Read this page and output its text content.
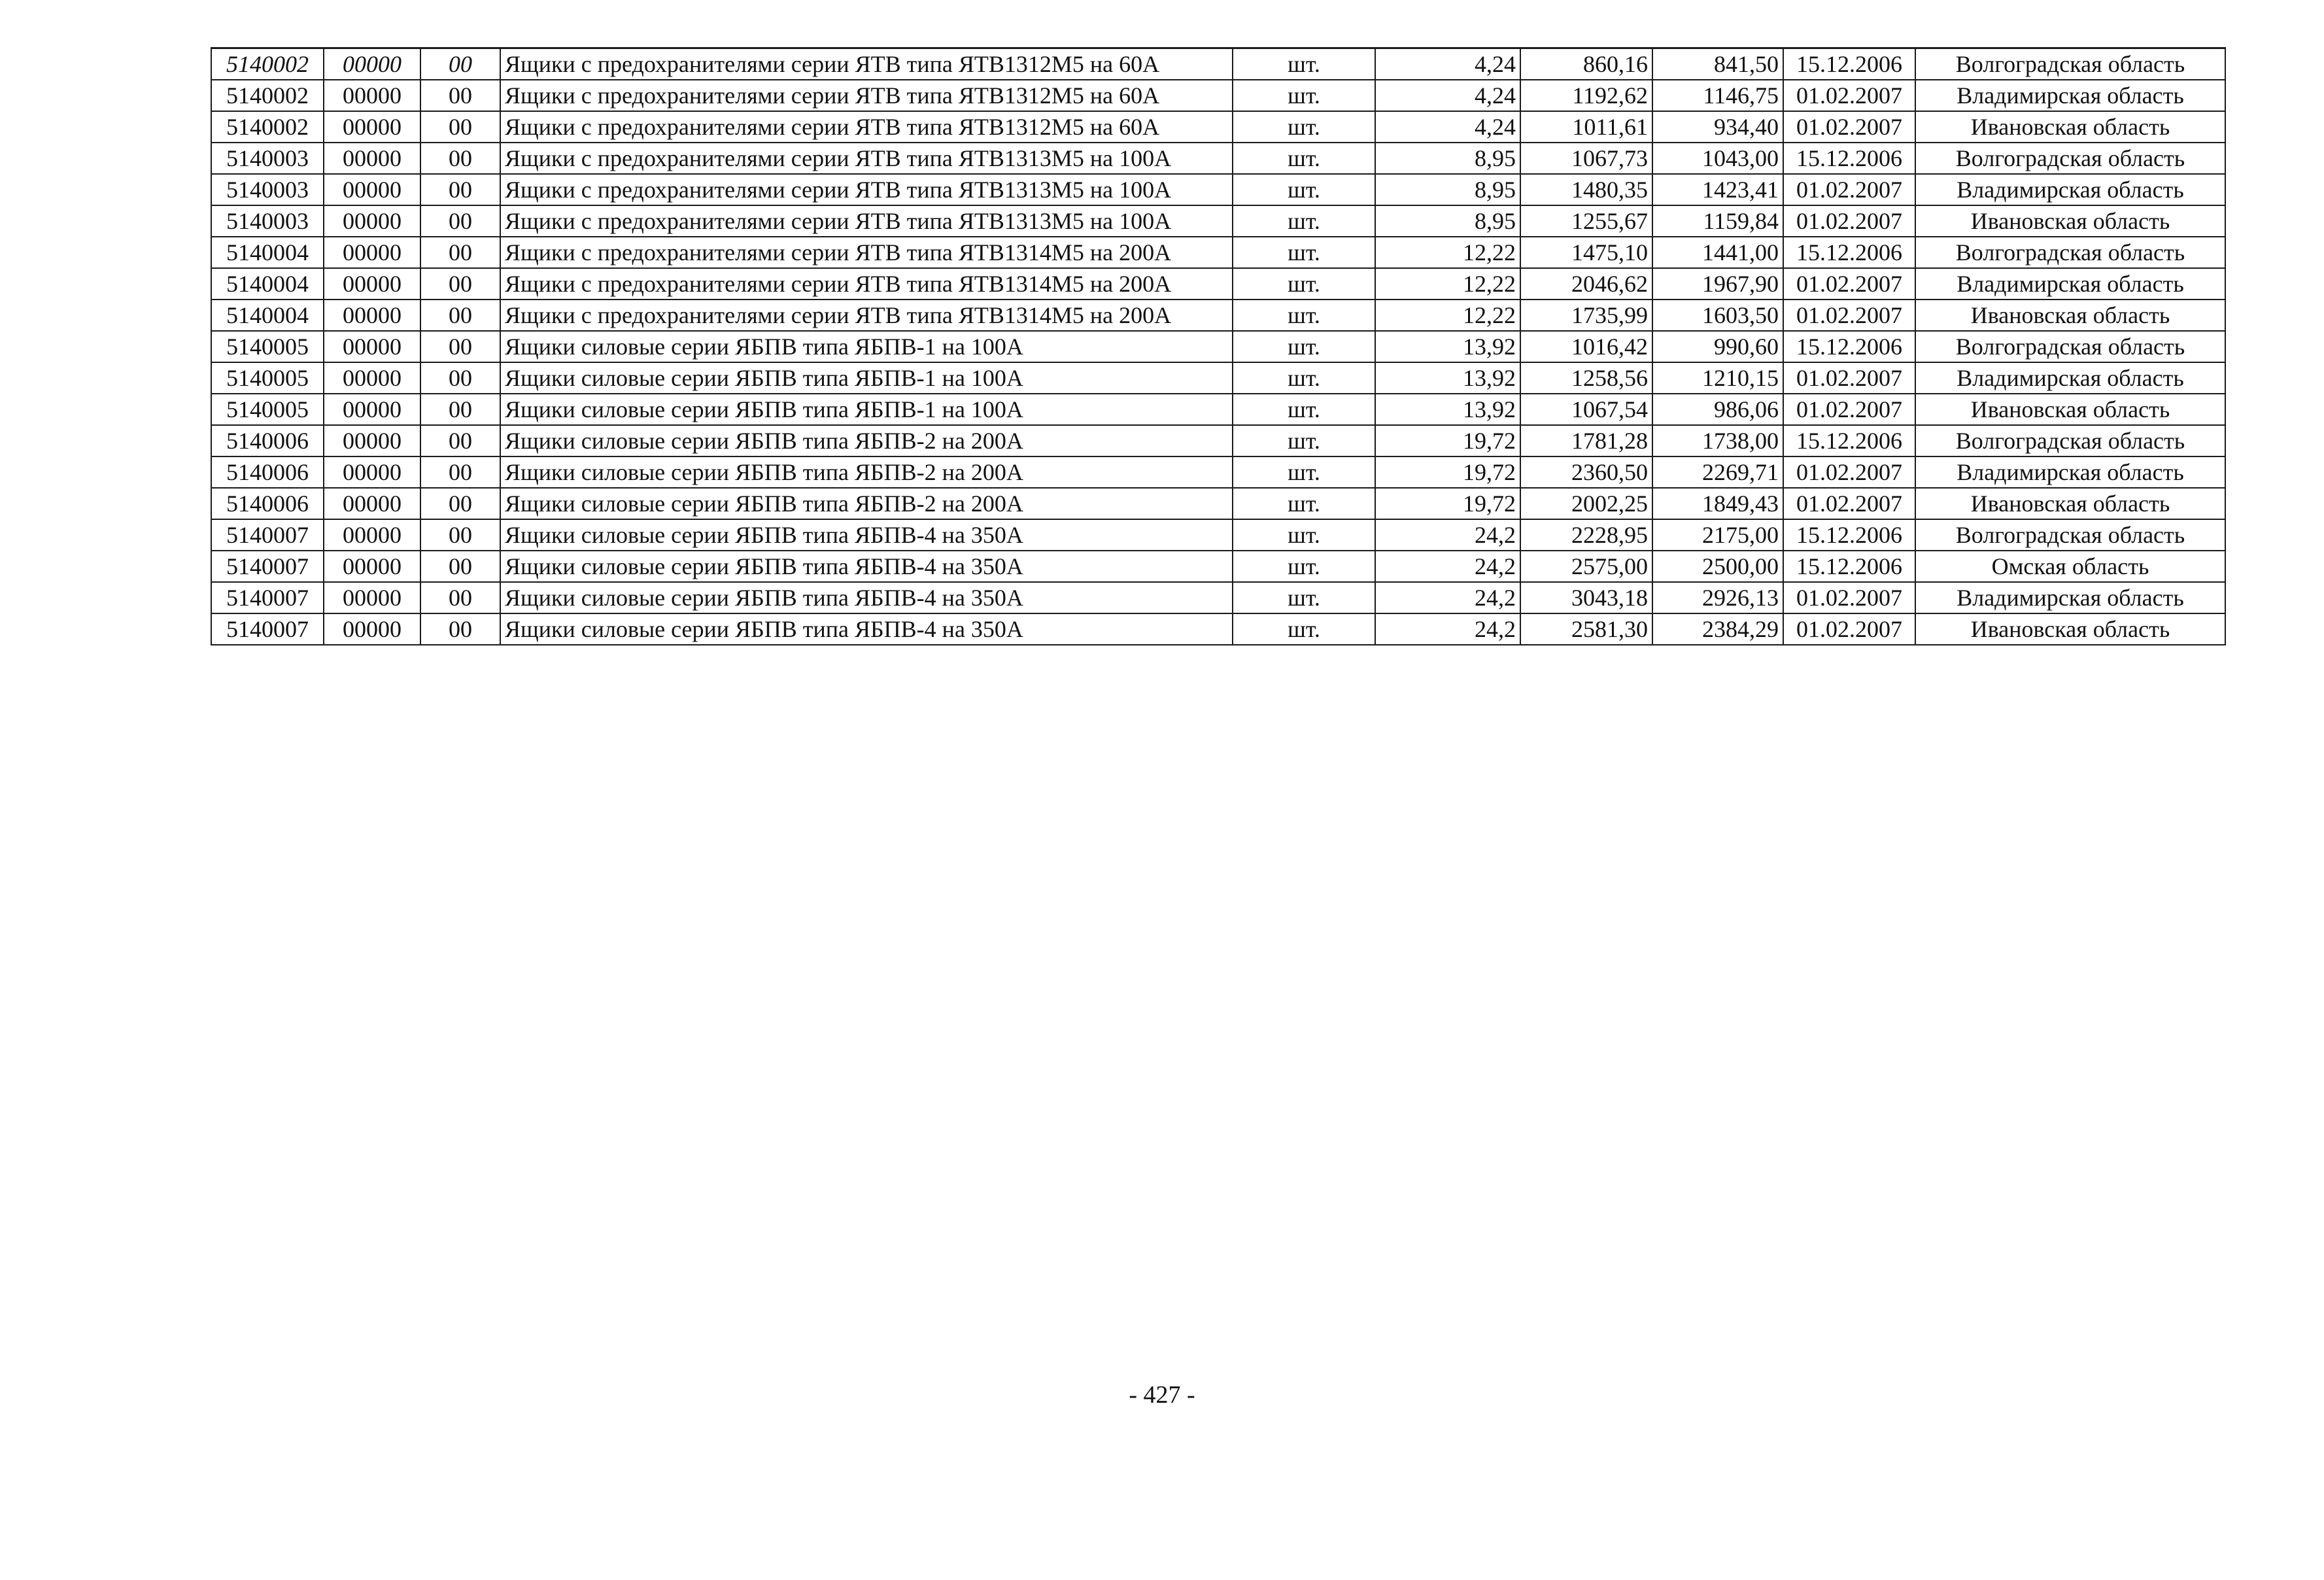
5140002	00000	00	Ящики с предохранителями серии ЯТВ типа ЯТВ1312М5 на 60А	шт.	4,24	860,16	841,50	15.12.2006	Волгоградская область
5140002	00000	00	Ящики с предохранителями серии ЯТВ типа ЯТВ1312М5 на 60А	шт.	4,24	1192,62	1146,75	01.02.2007	Владимирская область
5140002	00000	00	Ящики с предохранителями серии ЯТВ типа ЯТВ1312М5 на 60А	шт.	4,24	1011,61	934,40	01.02.2007	Ивановская область
5140003	00000	00	Ящики с предохранителями серии ЯТВ типа ЯТВ1313М5 на 100А	шт.	8,95	1067,73	1043,00	15.12.2006	Волгоградская область
5140003	00000	00	Ящики с предохранителями серии ЯТВ типа ЯТВ1313М5 на 100А	шт.	8,95	1480,35	1423,41	01.02.2007	Владимирская область
5140003	00000	00	Ящики с предохранителями серии ЯТВ типа ЯТВ1313М5 на 100А	шт.	8,95	1255,67	1159,84	01.02.2007	Ивановская область
5140004	00000	00	Ящики с предохранителями серии ЯТВ типа ЯТВ1314М5 на 200А	шт.	12,22	1475,10	1441,00	15.12.2006	Волгоградская область
5140004	00000	00	Ящики с предохранителями серии ЯТВ типа ЯТВ1314М5 на 200А	шт.	12,22	2046,62	1967,90	01.02.2007	Владимирская область
5140004	00000	00	Ящики с предохранителями серии ЯТВ типа ЯТВ1314М5 на 200А	шт.	12,22	1735,99	1603,50	01.02.2007	Ивановская область
5140005	00000	00	Ящики силовые серии ЯБПВ типа ЯБПВ-1 на 100А	шт.	13,92	1016,42	990,60	15.12.2006	Волгоградская область
5140005	00000	00	Ящики силовые серии ЯБПВ типа ЯБПВ-1 на 100А	шт.	13,92	1258,56	1210,15	01.02.2007	Владимирская область
5140005	00000	00	Ящики силовые серии ЯБПВ типа ЯБПВ-1 на 100А	шт.	13,92	1067,54	986,06	01.02.2007	Ивановская область
5140006	00000	00	Ящики силовые серии ЯБПВ типа ЯБПВ-2 на 200А	шт.	19,72	1781,28	1738,00	15.12.2006	Волгоградская область
5140006	00000	00	Ящики силовые серии ЯБПВ типа ЯБПВ-2 на 200А	шт.	19,72	2360,50	2269,71	01.02.2007	Владимирская область
5140006	00000	00	Ящики силовые серии ЯБПВ типа ЯБПВ-2 на 200А	шт.	19,72	2002,25	1849,43	01.02.2007	Ивановская область
5140007	00000	00	Ящики силовые серии ЯБПВ типа ЯБПВ-4 на 350А	шт.	24,2	2228,95	2175,00	15.12.2006	Волгоградская область
5140007	00000	00	Ящики силовые серии ЯБПВ типа ЯБПВ-4 на 350А	шт.	24,2	2575,00	2500,00	15.12.2006	Омская область
5140007	00000	00	Ящики силовые серии ЯБПВ типа ЯБПВ-4 на 350А	шт.	24,2	3043,18	2926,13	01.02.2007	Владимирская область
5140007	00000	00	Ящики силовые серии ЯБПВ типа ЯБПВ-4 на 350А	шт.	24,2	2581,30	2384,29	01.02.2007	Ивановская область
- 427 -
